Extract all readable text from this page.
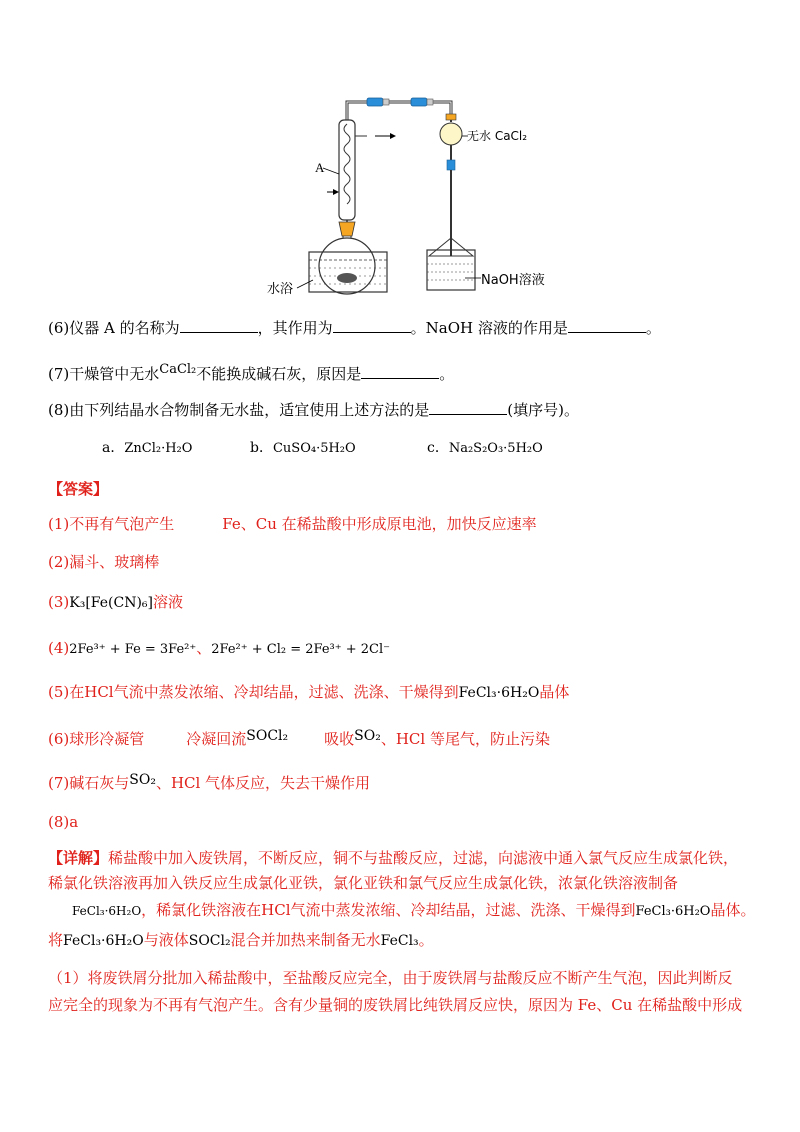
A
水浴
无水 CaCl₂
NaOH溶液
(6)仪器 A 的名称为	，其作用为	。NaOH 溶液的作用是	。
(7)干燥管中无水CaCl₂不能换成碱石灰，原因是	。
(8)由下列结晶水合物制备无水盐，适宜使用上述方法的是	(填序号)。
a．ZnCl₂·H₂O	b．CuSO₄·5H₂O	c．Na₂S₂O₃·5H₂O
【答案】
(1)不再有气泡产生	Fe、Cu 在稀盐酸中形成原电池，加快反应速率
(2)漏斗、玻璃棒
(3)K₃[Fe(CN)₆]溶液
(4)2Fe³⁺ + Fe = 3Fe²⁺、2Fe²⁺ + Cl₂ = 2Fe³⁺ + 2Cl⁻
(5)在HCl气流中蒸发浓缩、冷却结晶，过滤、洗涤、干燥得到FeCl₃·6H₂O晶体
(6)球形冷凝管	冷凝回流SOCl₂ 吸收SO₂、HCl 等尾气，防止污染
(7)碱石灰与SO₂、HCl 气体反应，失去干燥作用
(8)a
【详解】稀盐酸中加入废铁屑，不断反应，铜不与盐酸反应，过滤，向滤液中通入氯气反应生成氯化铁，
稀氯化铁溶液再加入铁反应生成氯化亚铁，氯化亚铁和氯气反应生成氯化铁，浓氯化铁溶液制备
FeCl₃·6H₂O，稀氯化铁溶液在HCl气流中蒸发浓缩、冷却结晶，过滤、洗涤、干燥得到FeCl₃·6H₂O晶体。
将FeCl₃·6H₂O与液体SOCl₂混合并加热来制备无水FeCl₃。
（1）将废铁屑分批加入稀盐酸中，至盐酸反应完全，由于废铁屑与盐酸反应不断产生气泡，因此判断反
应完全的现象为不再有气泡产生。含有少量铜的废铁屑比纯铁屑反应快，原因为 Fe、Cu 在稀盐酸中形成
